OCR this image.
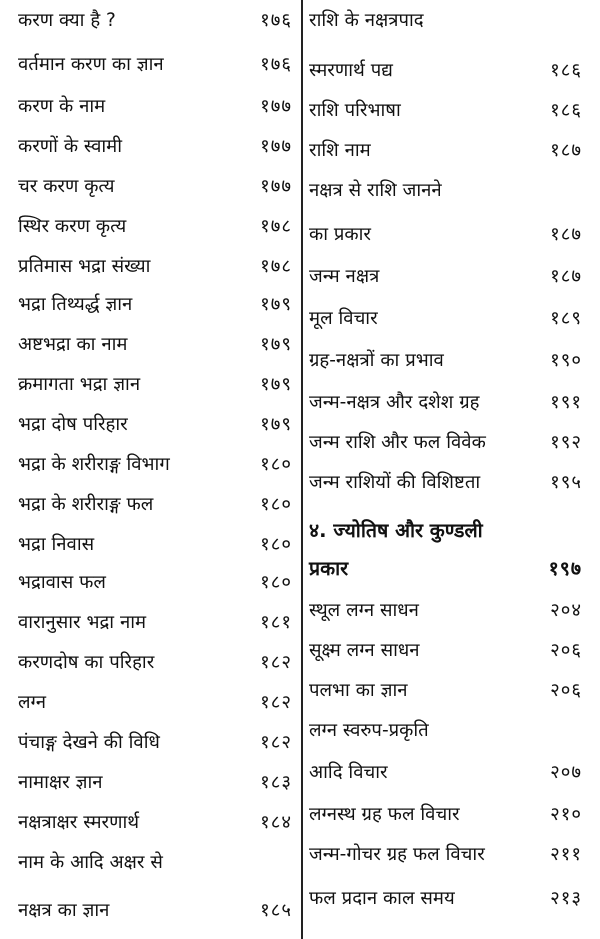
करण क्या है ?	१७६
वर्तमान करण का ज्ञान	१७६
करण के नाम	१७७
करणों के स्वामी	१७७
चर करण कृत्य	१७७
स्थिर करण कृत्य	१७८
प्रतिमास भद्रा संख्या	१७८
भद्रा तिथ्यर्द्ध ज्ञान	१७९
अष्टभद्रा का नाम	१७९
क्रमागता भद्रा ज्ञान	१७९
भद्रा दोष परिहार	१७९
भद्रा के शरीराङ्ग विभाग	१८०
भद्रा के शरीराङ्ग फल	१८०
भद्रा निवास	१८०
भद्रावास फल	१८०
वारानुसार भद्रा नाम	१८१
करणदोष का परिहार	१८२
लग्न	१८२
पंचाङ्ग देखने की विधि	१८२
नामाक्षर ज्ञान	१८३
नक्षत्राक्षर स्मरणार्थ	१८४
नाम के आदि अक्षर से
नक्षत्र का ज्ञान	१८५
राशि के नक्षत्रपाद
स्मरणार्थ पद्य	१८६
राशि परिभाषा	१८६
राशि नाम	१८७
नक्षत्र से राशि जानने
का प्रकार	१८७
जन्म नक्षत्र	१८७
मूल विचार	१८९
ग्रह-नक्षत्रों का प्रभाव	१९०
जन्म-नक्षत्र और दशेश ग्रह	१९१
जन्म राशि और फल विवेक	१९२
जन्म राशियों की विशिष्टता	१९५
४. ज्योतिष और कुण्डली
प्रकार	१९७
स्थूल लग्न साधन	२०४
सूक्ष्म लग्न साधन	२०६
पलभा का ज्ञान	२०६
लग्न स्वरुप-प्रकृति
आदि विचार	२०७
लग्नस्थ ग्रह फल विचार	२१०
जन्म-गोचर ग्रह फल विचार	२११
फल प्रदान काल समय	२१३
